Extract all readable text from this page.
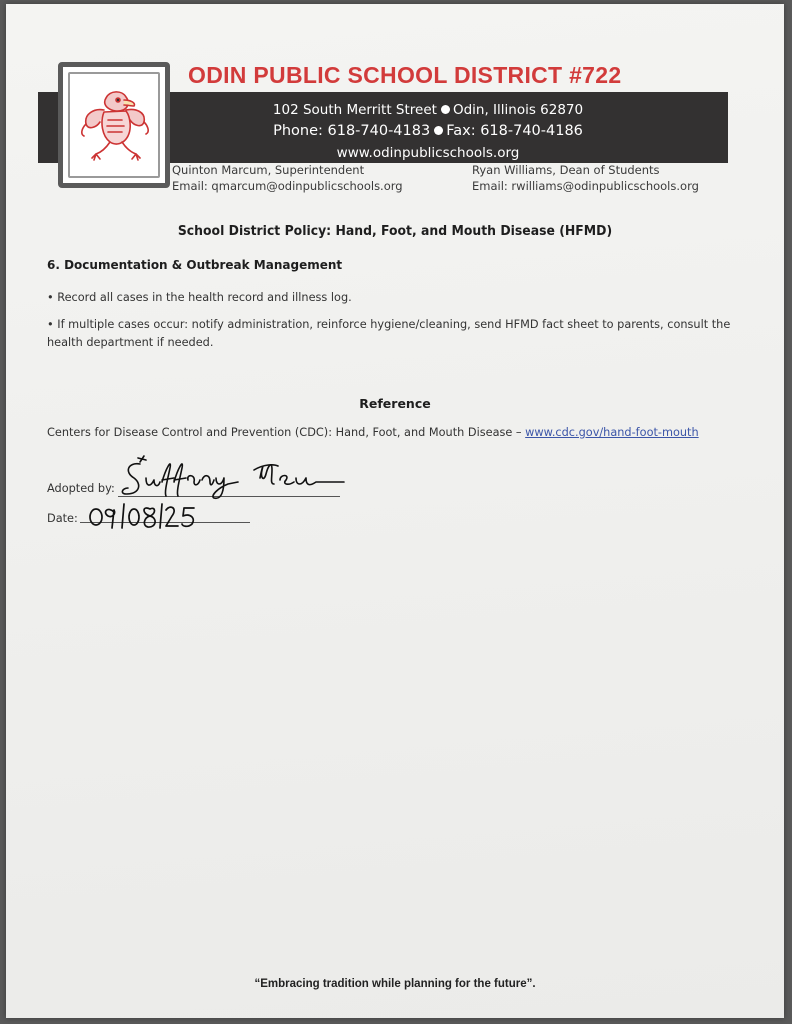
102 South Merritt Street Odin, Illinois 62870
Phone: 618-740-4183 Fax: 618-740-4186
www.odinpublicschools.org
ODIN PUBLIC SCHOOL DISTRICT #722
Quinton Marcum, Superintendent
Email: qmarcum@odinpublicschools.org
Ryan Williams, Dean of Students
Email: rwilliams@odinpublicschools.org
School District Policy: Hand, Foot, and Mouth Disease (HFMD)
6. Documentation & Outbreak Management
• Record all cases in the health record and illness log.
• If multiple cases occur: notify administration, reinforce hygiene/cleaning, send HFMD fact sheet to parents, consult the health department if needed.
Reference
Centers for Disease Control and Prevention (CDC): Hand, Foot, and Mouth Disease – www.cdc.gov/hand-foot-mouth
Adopted by:
Date:
“Embracing tradition while planning for the future”.
